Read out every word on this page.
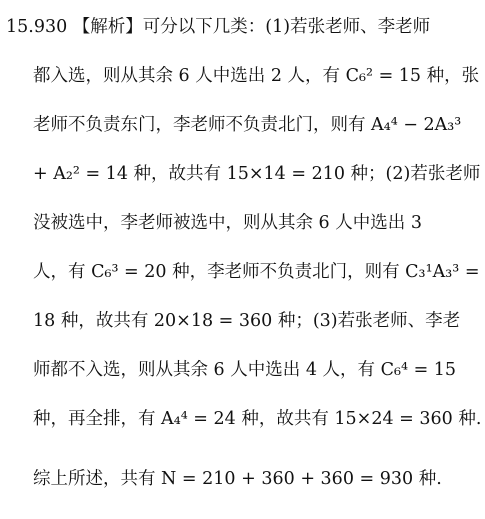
15.930 【解析】可分以下几类：(1)若张老师、李老师
都入选，则从其余 6 人中选出 2 人，有 C₆² = 15 种，张
老师不负责东门，李老师不负责北门，则有 A₄⁴ − 2A₃³
+ A₂² = 14 种，故共有 15×14 = 210 种；(2)若张老师
没被选中，李老师被选中，则从其余 6 人中选出 3
人，有 C₆³ = 20 种，李老师不负责北门，则有 C₃¹A₃³ =
18 种，故共有 20×18 = 360 种；(3)若张老师、李老
师都不入选，则从其余 6 人中选出 4 人，有 C₆⁴ = 15
种，再全排，有 A₄⁴ = 24 种，故共有 15×24 = 360 种.
综上所述，共有 N = 210 + 360 + 360 = 930 种.
